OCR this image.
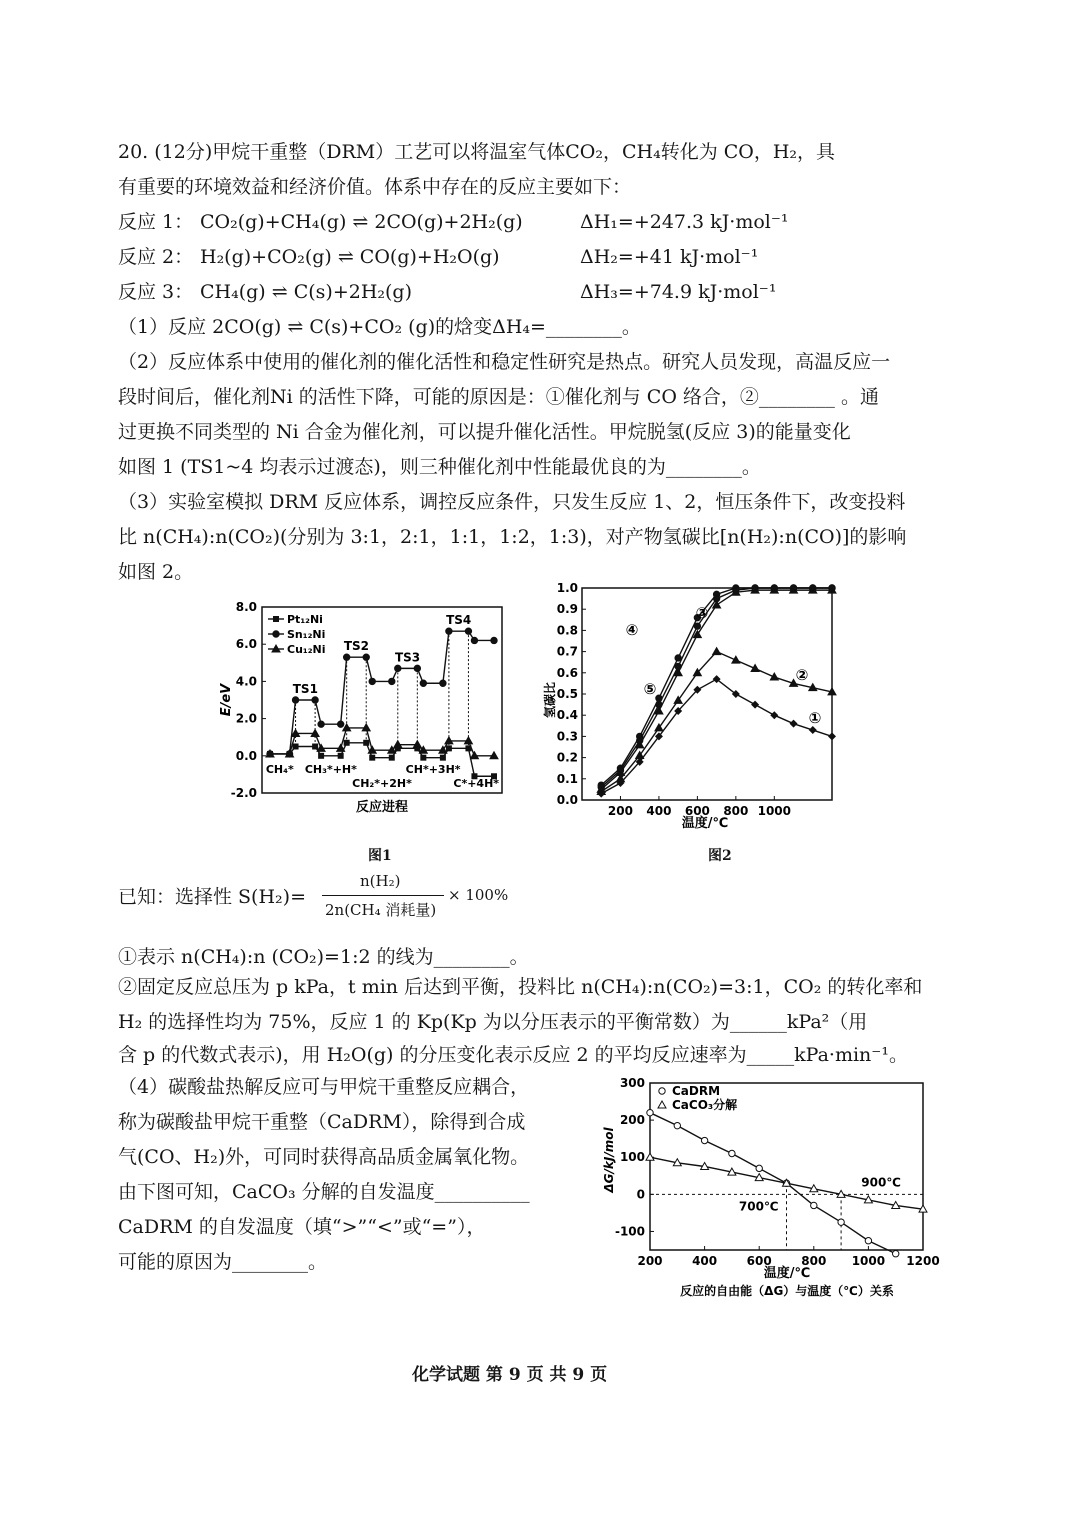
20. (12分)甲烷干重整（DRM）工艺可以将温室气体CO₂，CH₄转化为 CO，H₂，具
有重要的环境效益和经济价值。体系中存在的反应主要如下：
反应 1： CO₂(g)+CH₄(g) ⇌ 2CO(g)+2H₂(g)	ΔH₁=+247.3 kJ·mol⁻¹
反应 2： H₂(g)+CO₂(g) ⇌ CO(g)+H₂O(g)	ΔH₂=+41 kJ·mol⁻¹
反应 3： CH₄(g) ⇌ C(s)+2H₂(g)	ΔH₃=+74.9 kJ·mol⁻¹
（1）反应 2CO(g) ⇌ C(s)+CO₂ (g)的焓变ΔH₄=________。
（2）反应体系中使用的催化剂的催化活性和稳定性研究是热点。研究人员发现，高温反应一
段时间后，催化剂Ni 的活性下降，可能的原因是：①催化剂与 CO 络合，②________ 。通
过更换不同类型的 Ni 合金为催化剂，可以提升催化活性。甲烷脱氢(反应 3)的能量变化
如图 1 (TS1~4 均表示过渡态)，则三种催化剂中性能最优良的为________。
（3）实验室模拟 DRM 反应体系，调控反应条件，只发生反应 1、2，恒压条件下，改变投料
比 n(CH₄):n(CO₂)(分别为 3:1，2:1，1:1，1:2，1:3)，对产物氢碳比[n(H₂):n(CO)]的影响
如图 2。
8.0
6.0
4.0
2.0
0.0
-2.0
E/eV
反应进程
TS1
TS2
TS3
TS4
CH₄* CH₃*+H*
CH₂*+2H*
CH*+3H*
C*+4H*
Pt₁₂Ni
Sn₁₂Ni
Cu₁₂Ni
图1
0.0
0.1
0.2
0.3
0.4
0.5
0.6
0.7
0.8
0.9
1.0
200 400 600 800 1000
氢碳比
温度/℃
①
②
③
④
⑤
图2
已知：选择性 S(H₂)=
n(H₂)
2n(CH₄ 消耗量)
× 100%
①表示 n(CH₄):n (CO₂)=1:2 的线为________。
②固定反应总压为 p kPa，t min 后达到平衡，投料比 n(CH₄):n(CO₂)=3:1，CO₂ 的转化率和
H₂ 的选择性均为 75%，反应 1 的 Kp(Kp 为以分压表示的平衡常数）为______kPa²（用
含 p 的代数式表示)，用 H₂O(g) 的分压变化表示反应 2 的平均反应速率为_____kPa·min⁻¹。
（4）碳酸盐热解反应可与甲烷干重整反应耦合，
称为碳酸盐甲烷干重整（CaDRM），除得到合成
气(CO、H₂)外，可同时获得高品质金属氧化物。
由下图可知，CaCO₃ 分解的自发温度__________
CaDRM 的自发温度（填“>”“<”或“=”），
可能的原因为________。
300
200
100
0
-100
200 400 600 800 1000 1200
ΔG/kJ/mol
温度/℃
反应的自由能（ΔG）与温度（℃）关系
700℃
900℃
CaDRM
CaCO₃分解
化学试题 第 9 页 共 9 页
